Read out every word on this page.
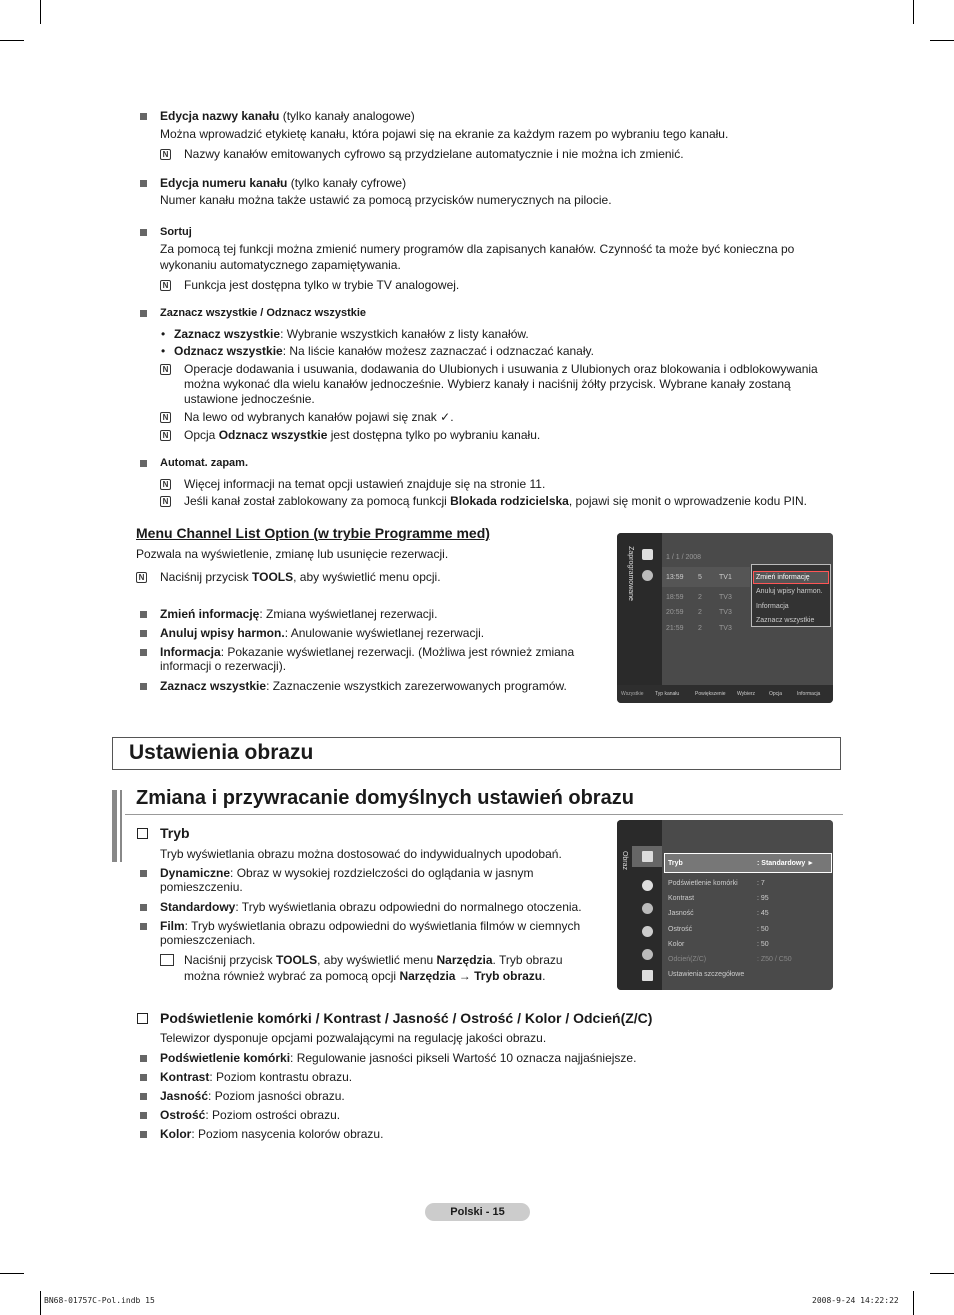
Edycja nazwy kanału (tylko kanały analogowe)
Można wprowadzić etykietę kanału, która pojawi się na ekranie za każdym razem po wybraniu tego kanału.
N Nazwy kanałów emitowanych cyfrowo są przydzielane automatycznie i nie można ich zmienić.
Edycja numeru kanału (tylko kanały cyfrowe)
Numer kanału można także ustawić za pomocą przycisków numerycznych na pilocie.
Sortuj
Za pomocą tej funkcji można zmienić numery programów dla zapisanych kanałów. Czynność ta może być konieczna po
wykonaniu automatycznego zapamiętywania.
N Funkcja jest dostępna tylko w trybie TV analogowej.
Zaznacz wszystkie / Odznacz wszystkie
• Zaznacz wszystkie: Wybranie wszystkich kanałów z listy kanałów.
• Odznacz wszystkie: Na liście kanałów możesz zaznaczać i odznaczać kanały.
N Operacje dodawania i usuwania, dodawania do Ulubionych i usuwania z Ulubionych oraz blokowania i odblokowywania
można wykonać dla wielu kanałów jednocześnie. Wybierz kanały i naciśnij żółty przycisk. Wybrane kanały zostaną
ustawione jednocześnie.
N Na lewo od wybranych kanałów pojawi się znak ✓.
N Opcja Odznacz wszystkie jest dostępna tylko po wybraniu kanału.
Automat. zapam.
N Więcej informacji na temat opcji ustawień znajduje się na stronie 11.
N Jeśli kanał został zablokowany za pomocą funkcji Blokada rodzicielska, pojawi się monit o wprowadzenie kodu PIN.
Menu Channel List Option (w trybie Programme med)
Pozwala na wyświetlenie, zmianę lub usunięcie rezerwacji.
N Naciśnij przycisk TOOLS, aby wyświetlić menu opcji.
Zmień informację: Zmiana wyświetlanej rezerwacji.
Anuluj wpisy harmon.: Anulowanie wyświetlanej rezerwacji.
Informacja: Pokazanie wyświetlanej rezerwacji. (Możliwa jest również zmiana
informacji o rezerwacji).
Zaznacz wszystkie: Zaznaczenie wszystkich zarezerwowanych programów.
Zaprogramowane	1 / 1 / 2008
13:59 5 TV1
18:59 2 TV3
20:59 2 TV3
21:59 2 TV3
Zmień informację
Anuluj wpisy harmon.
Informacja
Zaznacz wszystkie
Wszystkie Typ kanału	Powiększenie Wybierz	Opcja	Informacja
Ustawienia obrazu
Zmiana i przywracanie domyślnych ustawień obrazu
Tryb
Tryb wyświetlania obrazu można dostosować do indywidualnych upodobań.
Dynamiczne: Obraz w wysokiej rozdzielczości do oglądania w jasnym
pomieszczeniu.
Standardowy: Tryb wyświetlania obrazu odpowiedni do normalnego otoczenia.
Film: Tryb wyświetlania obrazu odpowiedni do wyświetlania filmów w ciemnych
pomieszczeniach.
Naciśnij przycisk TOOLS, aby wyświetlić menu Narzędzia. Tryb obrazu
można również wybrać za pomocą opcji Narzędzia → Tryb obrazu.
Obraz	Tryb	: Standardowy ►
Podświetlenie komórki	: 7
Kontrast	: 95
Jasność	: 45
Ostrość	: 50
Kolor	: 50
Odcień(Z/C)	: Z50 / C50
Ustawienia szczegółowe
Podświetlenie komórki / Kontrast / Jasność / Ostrość / Kolor / Odcień(Z/C)
Telewizor dysponuje opcjami pozwalającymi na regulację jakości obrazu.
Podświetlenie komórki: Regulowanie jasności pikseli Wartość 10 oznacza najjaśniejsze.
Kontrast: Poziom kontrastu obrazu.
Jasność: Poziom jasności obrazu.
Ostrość: Poziom ostrości obrazu.
Kolor: Poziom nasycenia kolorów obrazu.
Polski - 15
BN68-01757C-Pol.indb 15	2008-9-24 14:22:22
